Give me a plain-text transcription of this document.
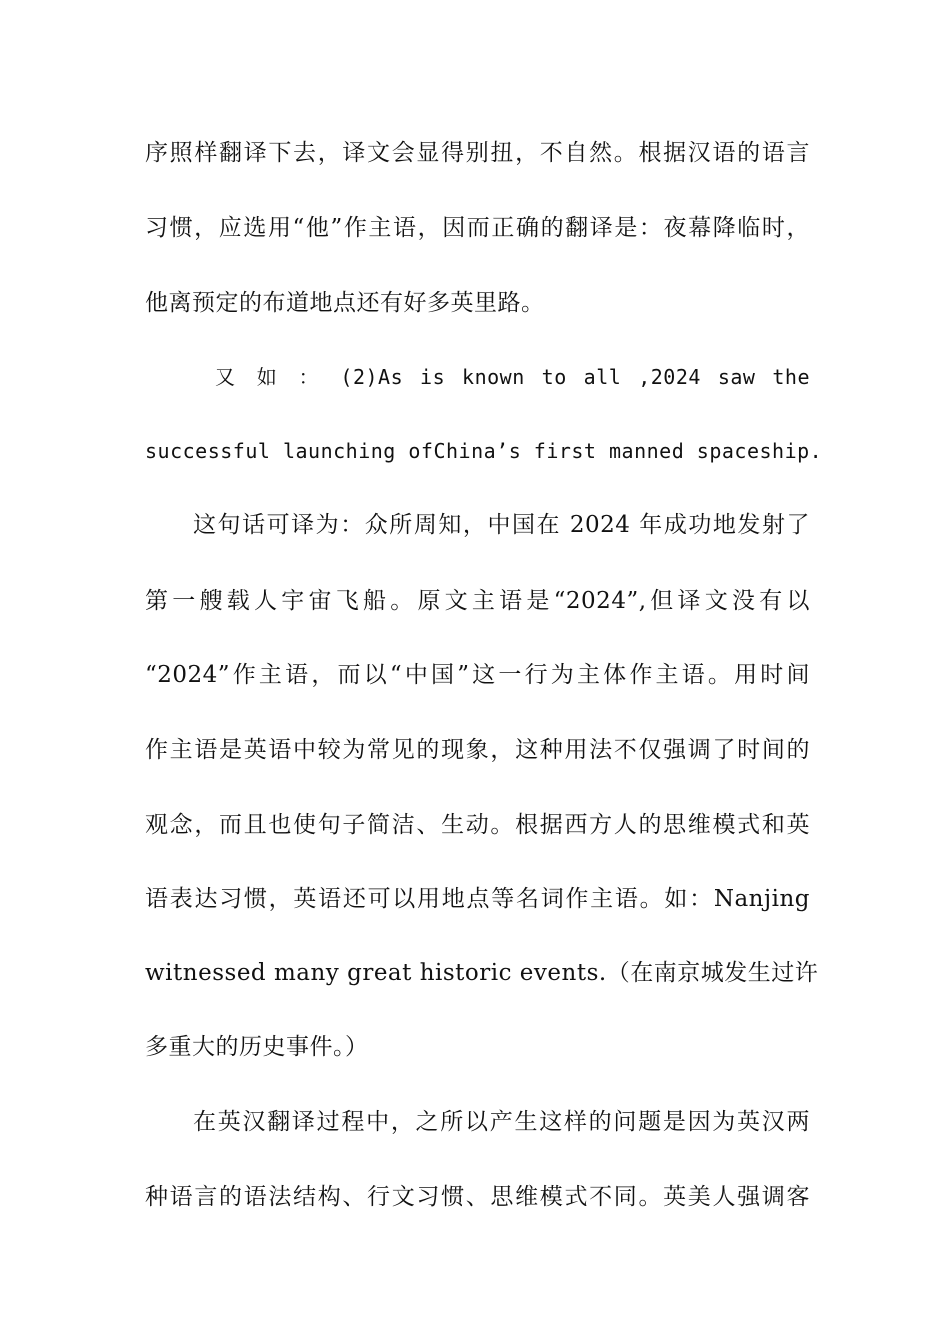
序照样翻译下去，译文会显得别扭，不自然。根据汉语的语言
习惯，应选用“他”作主语，因而正确的翻译是：夜幕降临时，
他离预定的布道地点还有好多英里路。
又 如 ： (2)As is known to all ,2024 saw the
successful launching ofChina’s first manned spaceship.
这句话可译为：众所周知，中国在 2024 年成功地发射了
第一艘载人宇宙飞船。原文主语是“2024”,但译文没有以
“2024”作主语，而以“中国”这一行为主体作主语。用时间
作主语是英语中较为常见的现象，这种用法不仅强调了时间的
观念，而且也使句子简洁、生动。根据西方人的思维模式和英
语表达习惯，英语还可以用地点等名词作主语。如：Nanjing
witnessed many great historic events.（在南京城发生过许
多重大的历史事件。）
在英汉翻译过程中，之所以产生这样的问题是因为英汉两
种语言的语法结构、行文习惯、思维模式不同。英美人强调客
